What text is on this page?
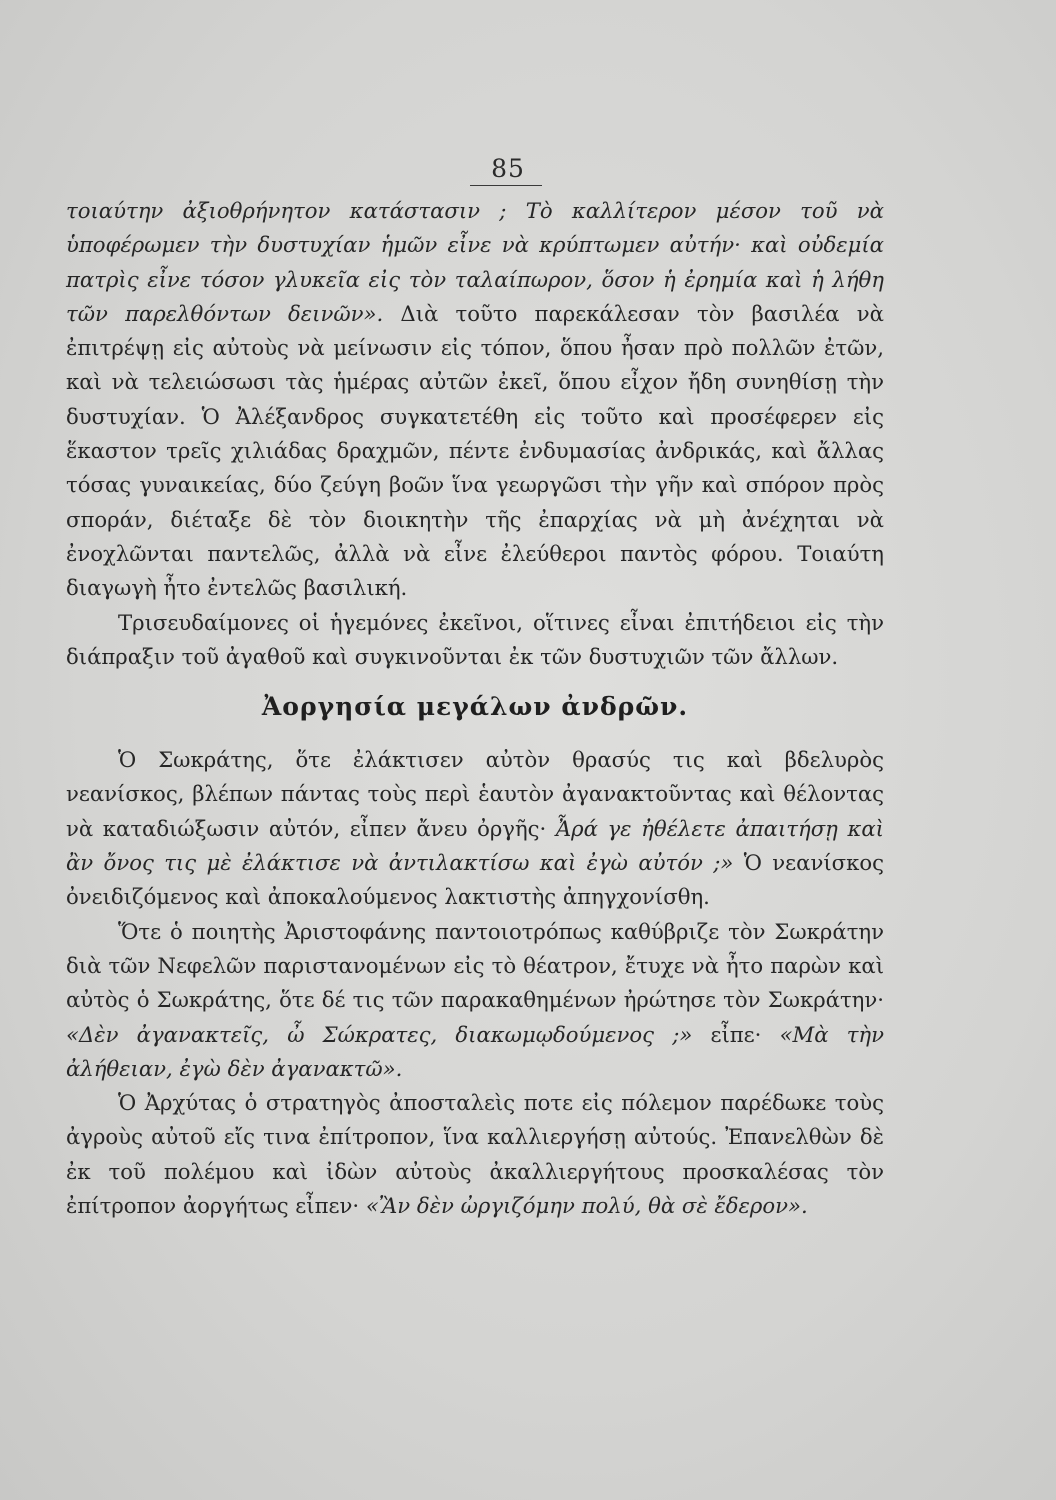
85

τοιαύτην ἀξιοθρήνητον κατάστασιν ; Τὸ καλλίτερον μέσον τοῦ νὰ ὑποφέρωμεν τὴν δυστυχίαν ἡμῶν εἶνε νὰ κρύπτωμεν αὐτήν· καὶ οὐδεμία πατρὶς εἶνε τόσον γλυκεῖα εἰς τὸν ταλαίπωρον, ὅσον ἡ ἐρημία καὶ ἡ λήθη τῶν παρελθόντων δεινῶν». Διὰ τοῦτο παρεκάλεσαν τὸν βασιλέα νὰ ἐπιτρέψῃ εἰς αὐτοὺς νὰ μείνωσιν εἰς τόπον, ὅπου ἦσαν πρὸ πολλῶν ἐτῶν, καὶ νὰ τελειώσωσι τὰς ἡμέρας αὐτῶν ἐκεῖ, ὅπου εἶχον ἤδη συνηθίσῃ τὴν δυστυχίαν. Ὁ Ἀλέξανδρος συγκατετέθη εἰς τοῦτο καὶ προσέφερεν εἰς ἕκαστον τρεῖς χιλιάδας δραχμῶν, πέντε ἐνδυμασίας ἀνδρικάς, καὶ ἄλλας τόσας γυναικείας, δύο ζεύγη βοῶν ἵνα γεωργῶσι τὴν γῆν καὶ σπόρον πρὸς σποράν, διέταξε δὲ τὸν διοικητὴν τῆς ἐπαρχίας νὰ μὴ ἀνέχηται νὰ ἐνοχλῶνται παντελῶς, ἀλλὰ νὰ εἶνε ἐλεύθεροι παντὸς φόρου. Τοιαύτη διαγωγὴ ἦτο ἐντελῶς βασιλική.

Τρισευδαίμονες οἱ ἡγεμόνες ἐκεῖνοι, οἵτινες εἶναι ἐπιτήδειοι εἰς τὴν διάπραξιν τοῦ ἀγαθοῦ καὶ συγκινοῦνται ἐκ τῶν δυστυχιῶν τῶν ἄλλων.

Ἀοργησία μεγάλων ἀνδρῶν.

Ὁ Σωκράτης, ὅτε ἐλάκτισεν αὐτὸν θρασύς τις καὶ βδελυρὸς νεανίσκος, βλέπων πάντας τοὺς περὶ ἑαυτὸν ἀγανακτοῦντας καὶ θέλοντας νὰ καταδιώξωσιν αὐτόν, εἶπεν ἄνευ ὀργῆς· Ἆρά γε ἠθέλετε ἀπαιτήσῃ καὶ ἂν ὄνος τις μὲ ἐλάκτισε νὰ ἀντιλακτίσω καὶ ἐγὼ αὐτόν ;» Ὁ νεανίσκος ὀνειδιζόμενος καὶ ἀποκαλούμενος λακτιστὴς ἀπηγχονίσθη.

Ὅτε ὁ ποιητὴς Ἀριστοφάνης παντοιοτρόπως καθύβριζε τὸν Σωκράτην διὰ τῶν Νεφελῶν παριστανομένων εἰς τὸ θέατρον, ἔτυχε νὰ ἦτο παρὼν καὶ αὐτὸς ὁ Σωκράτης, ὅτε δέ τις τῶν παρακαθημένων ἠρώτησε τὸν Σωκράτην· «Δὲν ἀγανακτεῖς, ὦ Σώκρατες, διακωμῳδούμενος ;» εἶπε· «Μὰ τὴν ἀλήθειαν, ἐγὼ δὲν ἀγανακτῶ».

Ὁ Ἀρχύτας ὁ στρατηγὸς ἀποσταλεὶς ποτε εἰς πόλεμον παρέδωκε τοὺς ἀγροὺς αὐτοῦ εἴς τινα ἐπίτροπον, ἵνα καλλιεργήσῃ αὐτούς. Ἐπανελθὼν δὲ ἐκ τοῦ πολέμου καὶ ἰδὼν αὐτοὺς ἀκαλλιεργήτους προσκαλέσας τὸν ἐπίτροπον ἀοργήτως εἶπεν· «Ἂν δὲν ὠργιζόμην πολύ, θὰ σὲ ἔδερον».
